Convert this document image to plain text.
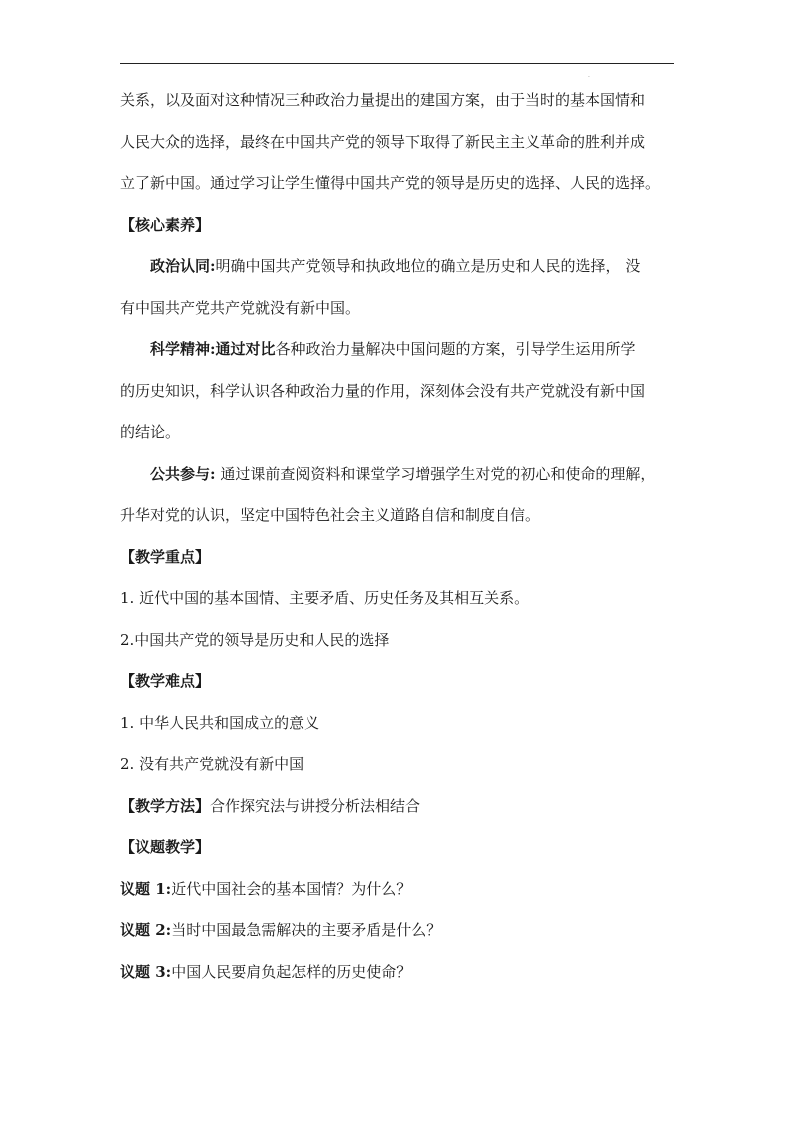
.
关系，以及面对这种情况三种政治力量提出的建国方案，由于当时的基本国情和
人民大众的选择，最终在中国共产党的领导下取得了新民主主义革命的胜利并成
立了新中国。通过学习让学生懂得中国共产党的领导是历史的选择、人民的选择。
【核心素养】
政治认同:明确中国共产党领导和执政地位的确立是历史和人民的选择， 没
有中国共产党共产党就没有新中国。
科学精神:通过对比各种政治力量解决中国问题的方案，引导学生运用所学
的历史知识，科学认识各种政治力量的作用，深刻体会没有共产党就没有新中国
的结论。
公共参与: 通过课前查阅资料和课堂学习增强学生对党的初心和使命的理解，
升华对党的认识，坚定中国特色社会主义道路自信和制度自信。
【教学重点】
1. 近代中国的基本国情、主要矛盾、历史任务及其相互关系。
2.中国共产党的领导是历史和人民的选择
【教学难点】
1. 中华人民共和国成立的意义
2. 没有共产党就没有新中国
【教学方法】合作探究法与讲授分析法相结合
【议题教学】
议题 1:近代中国社会的基本国情？为什么？
议题 2:当时中国最急需解决的主要矛盾是什么？
议题 3:中国人民要肩负起怎样的历史使命？
